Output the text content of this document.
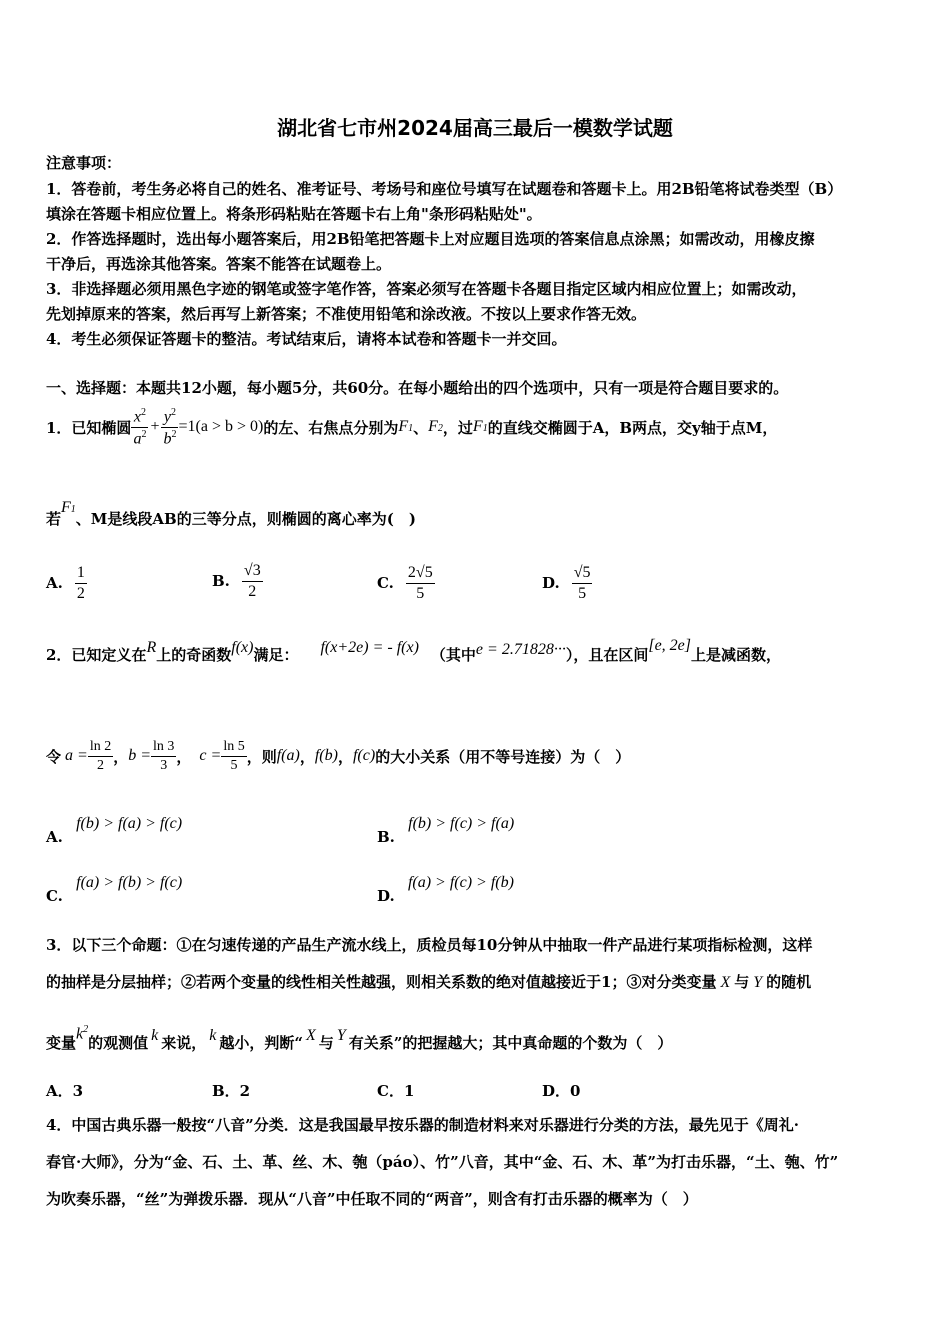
湖北省七市州2024届高三最后一模数学试题
注意事项：
1．答卷前，考生务必将自己的姓名、准考证号、考场号和座位号填写在试题卷和答题卡上。用2B铅笔将试卷类型（B）
填涂在答题卡相应位置上。将条形码粘贴在答题卡右上角"条形码粘贴处"。
2．作答选择题时，选出每小题答案后，用2B铅笔把答题卡上对应题目选项的答案信息点涂黑；如需改动，用橡皮擦
干净后，再选涂其他答案。答案不能答在试题卷上。
3．非选择题必须用黑色字迹的钢笔或签字笔作答，答案必须写在答题卡各题目指定区域内相应位置上；如需改动，
先划掉原来的答案，然后再写上新答案；不准使用铅笔和涂改液。不按以上要求作答无效。
4．考生必须保证答题卡的整洁。考试结束后，请将本试卷和答题卡一并交回。
一、选择题：本题共12小题，每小题5分，共60分。在每小题给出的四个选项中，只有一项是符合题目要求的。
1．已知椭圆 $\frac{x^2}{a^2} + \frac{y^2}{b^2} =1(a > b > 0)$ 的左、右焦点分别为 F1 、 F2 ，过 F1 的直线交椭圆于A，B两点，交y轴于点M，
若
F1
、M是线段AB的三等分点，则椭圆的离心率为(　)
A. $\frac{1}{2}$	B. $\frac{√3}{2}$	C. $\frac{2√5}{5}$	D. $\frac{√5}{5}$
2．已知定义在 R 上的奇函数 f(x) 满足： f(x+2e) = - f(x) （其中 e = 2.71828··· ），且在区间
[e, 2e]
上是减函数，
令 $a = \frac{\ln 2}{2}$ ， $b = \frac{\ln 3}{3}$ ， $c = \frac{\ln 5}{5}$ ，则 f(a) ， f(b) ， f(c) 的大小关系（用不等号连接）为（　）
A. f(b) > f(a) > f(c)
B. f(b) > f(c) > f(a)
C. f(a) > f(b) > f(c)
D. f(a) > f(c) > f(b)
3．以下三个命题：①在匀速传递的产品生产流水线上，质检员每10分钟从中抽取一件产品进行某项指标检测，这样
的抽样是分层抽样；②若两个变量的线性相关性越强，则相关系数的绝对值越接近于1；③对分类变量 X 与 Y 的随机
变量
$k^2$
的观测值 k 来说， k 越小，判断“ X 与 Y 有关系”的把握越大；其中真命题的个数为（　）
A．3	B．2	C．1	D．0
4．中国古典乐器一般按“八音”分类．这是我国最早按乐器的制造材料来对乐器进行分类的方法，最先见于《周礼·
春官·大师》，分为“金、石、土、革、丝、木、匏（páo）、竹”八音，其中“金、石、木、革”为打击乐器，“土、匏、竹”
为吹奏乐器，“丝”为弹拨乐器．现从“八音”中任取不同的“两音”，则含有打击乐器的概率为（　）
